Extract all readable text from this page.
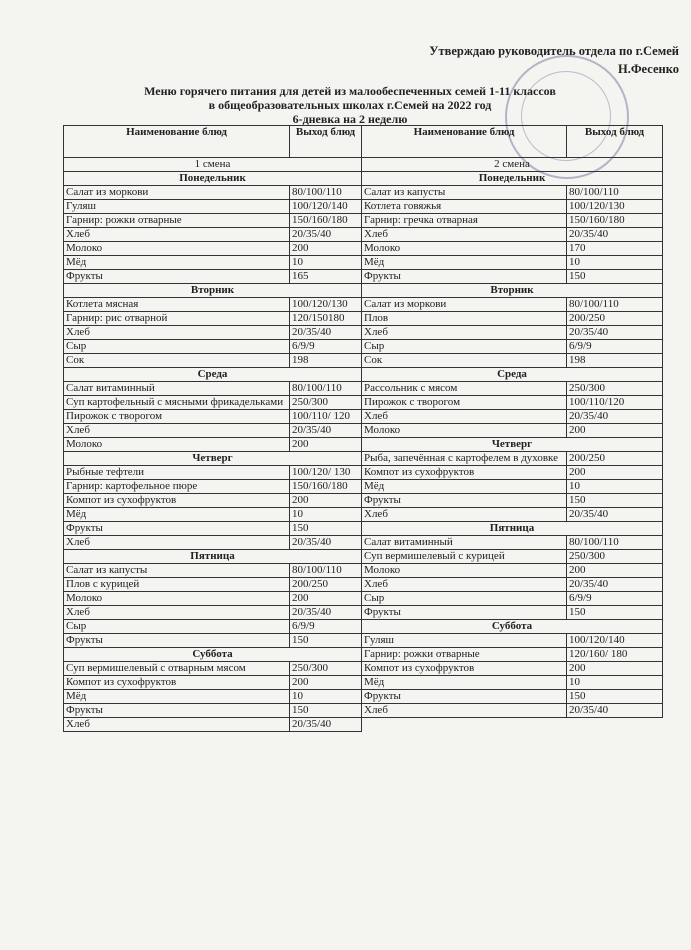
Утверждаю руководитель отдела по г.Семей
Н.Фесенко
Меню горячего питания для детей из малообеспеченных семей 1-11 классов
в общеобразовательных школах г.Семей на 2022 год
6-дневка на 2 неделю
Наименование блюд	Выход блюд
1 смена	
Понедельник	
Салат из моркови	80/100/110
Гуляш	100/120/140
Гарнир: рожки отварные	150/160/180
Хлеб	20/35/40
Молоко	200
Мёд	10
Фрукты	165
Вторник	
Котлета мясная	100/120/130
Гарнир: рис отварной	120/150180
Хлеб	20/35/40
Сыр	6/9/9
Сок	198
Среда	
Салат витаминный	80/100/110
Суп картофельный с мясными фрикадельками	250/300
Пирожок с творогом	100/110/ 120
Хлеб	20/35/40
Молоко	200
Четверг	
Рыбные тефтели	100/120/ 130
Гарнир: картофельное пюре	150/160/180
Компот из сухофруктов	200
Мёд	10
Фрукты	150
Хлеб	20/35/40
Пятница	
Салат из капусты	80/100/110
Плов с курицей	200/250
Молоко	200
Хлеб	20/35/40
Сыр	6/9/9
Фрукты	150
Суббота	
Суп вермишелевый с отварным мясом	250/300
Компот из сухофруктов	200
Мёд	10
Фрукты	150
Хлеб	20/35/40
Наименование блюд	Выход блюд
2 смена	
Понедельник	
Салат из капусты	80/100/110
Котлета говяжья	100/120/130
Гарнир: гречка отварная	150/160/180
Хлеб	20/35/40
Молоко	170
Мёд	10
Фрукты	150
Вторник	
Салат из моркови	80/100/110
Плов	200/250
Хлеб	20/35/40
Сыр	6/9/9
Сок	198
Среда	
Рассольник с мясом	250/300
Пирожок с творогом	100/110/120
Хлеб	20/35/40
Молоко	200
Четверг	
Рыба, запечённая с картофелем в духовке	200/250
Компот из сухофруктов	200
Мёд	10
Фрукты	150
Хлеб	20/35/40
Пятница	
Салат витаминный	80/100/110
Суп вермишелевый с курицей	250/300
Молоко	200
Хлеб	20/35/40
Сыр	6/9/9
Фрукты	150
Суббота	
Гуляш	100/120/140
Гарнир: рожки отварные	120/160/ 180
Компот из сухофруктов	200
Мёд	10
Фрукты	150
Хлеб	20/35/40
